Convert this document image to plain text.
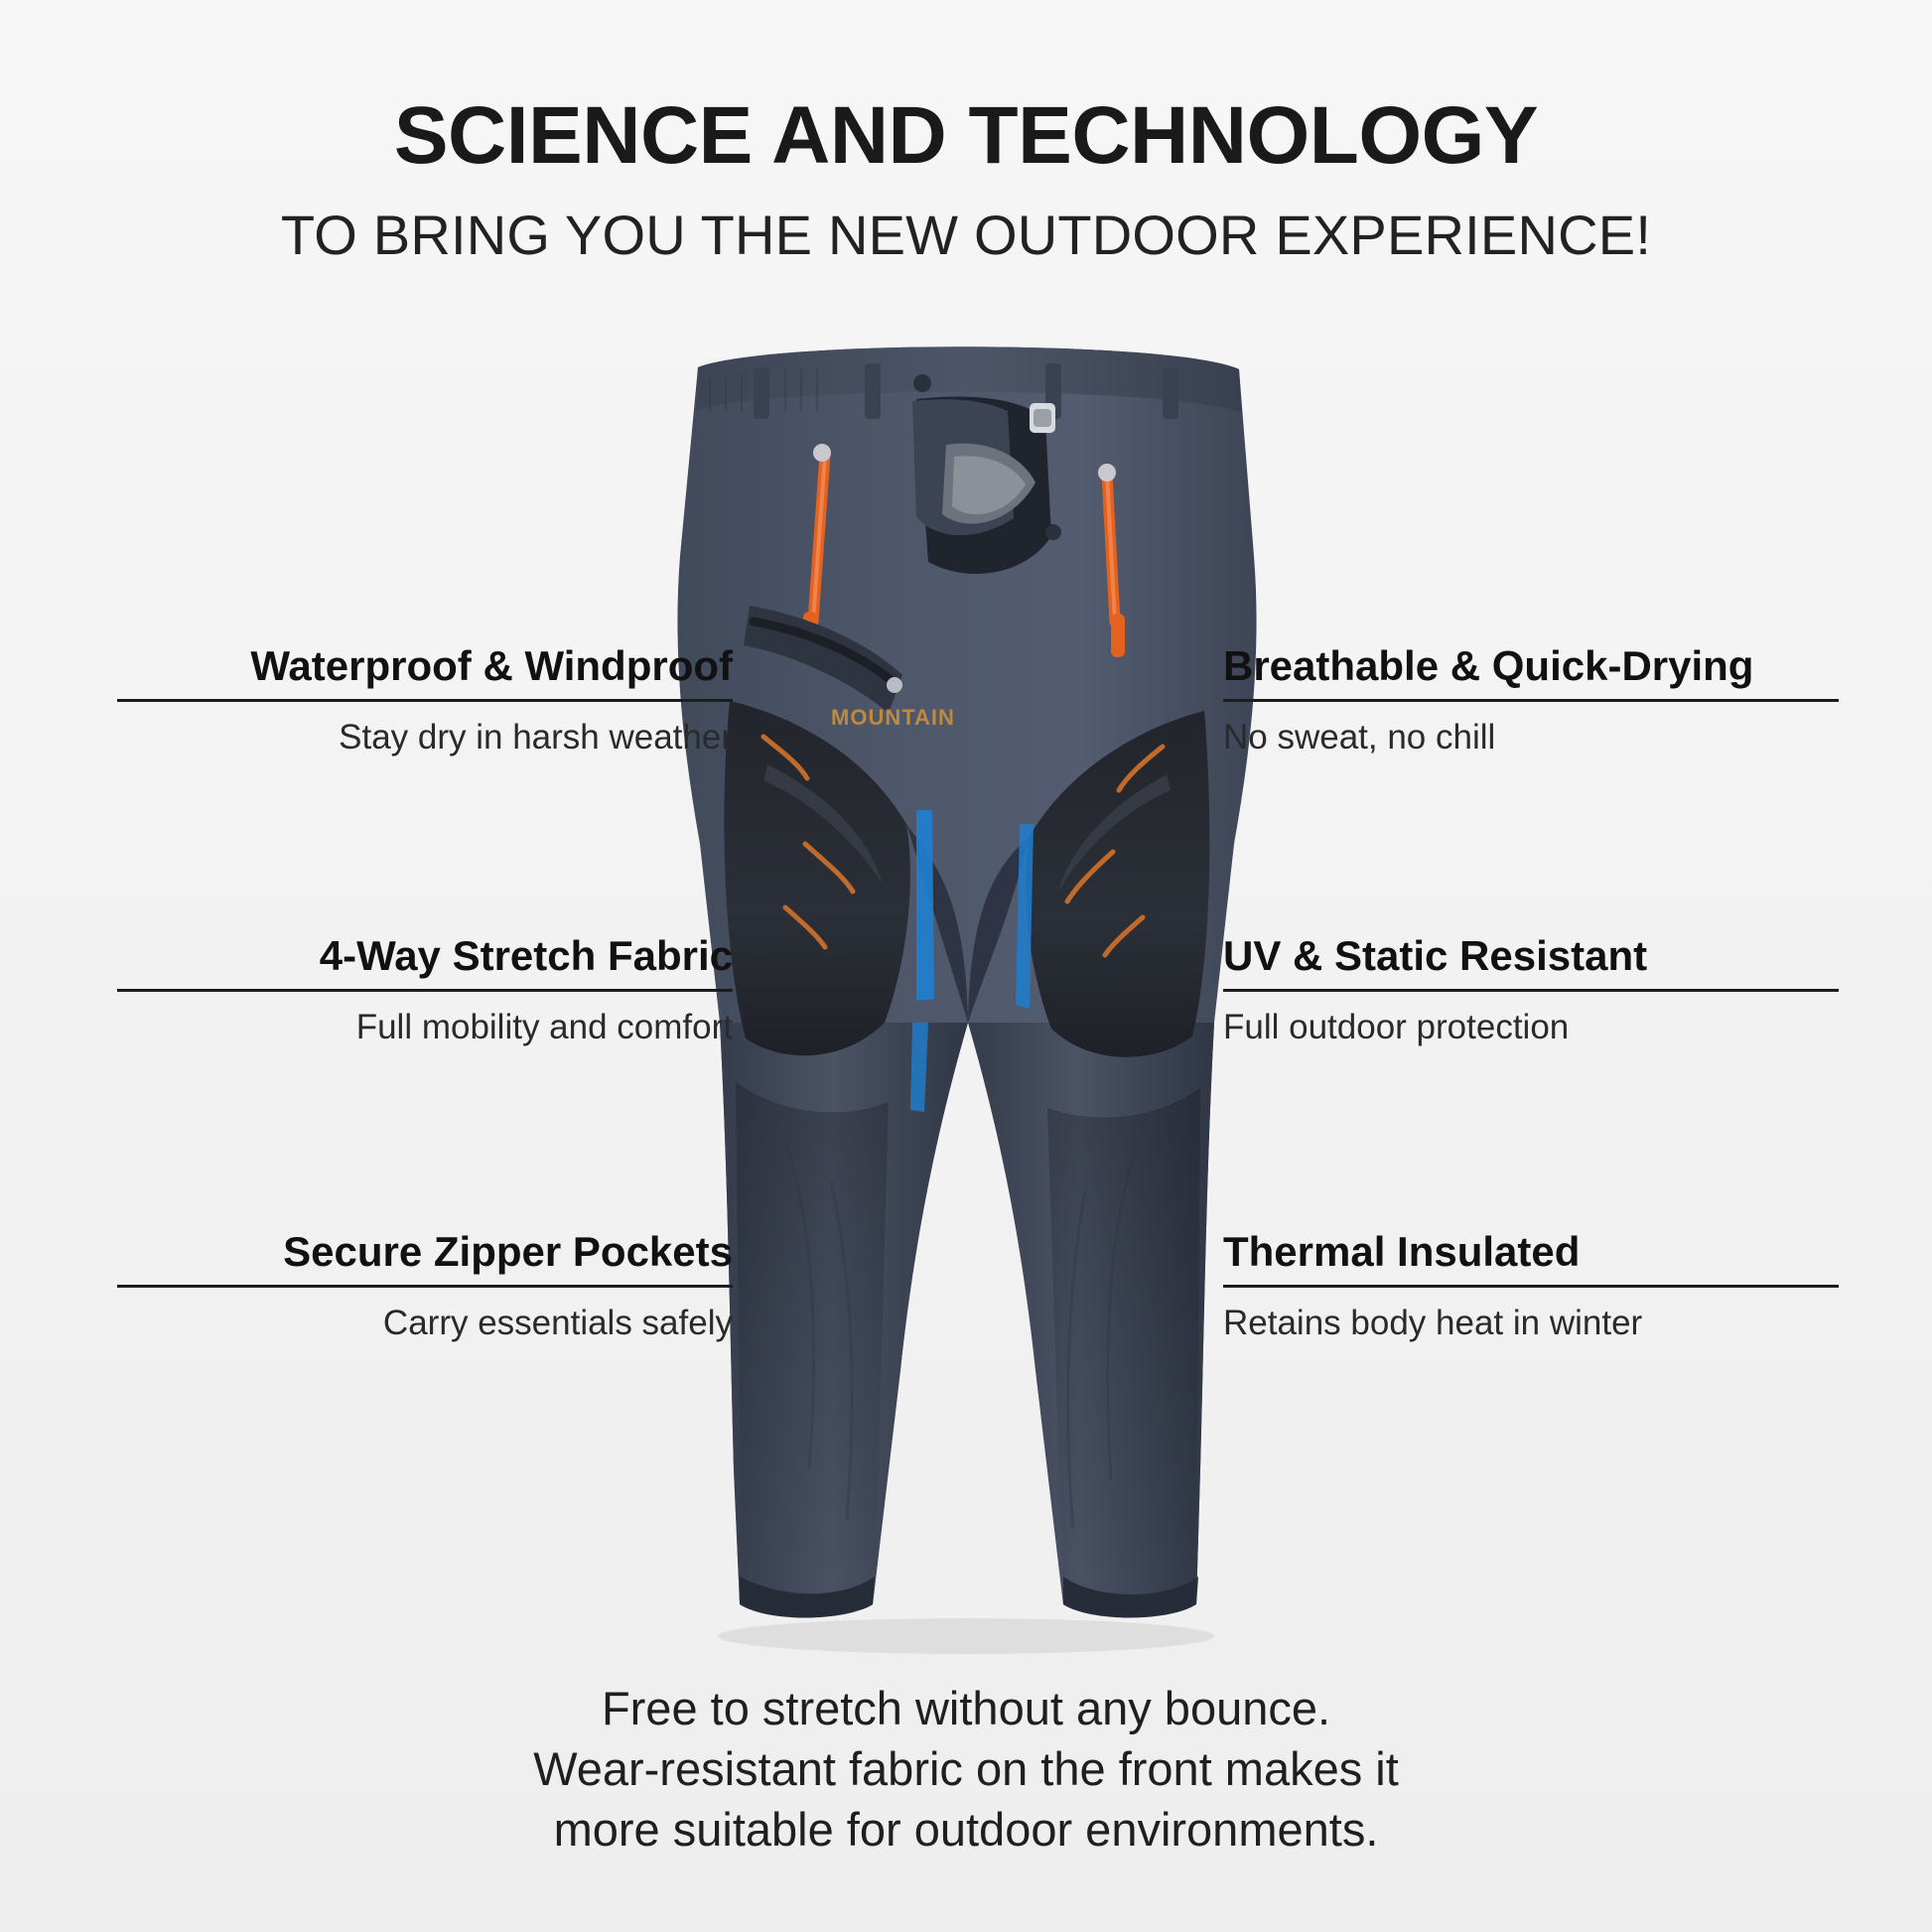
SCIENCE AND TECHNOLOGY

TO BRING YOU THE NEW OUTDOOR EXPERIENCE!

MOUNTAIN
Waterproof & Windproof
Stay dry in harsh weather
4-Way Stretch Fabric
Full mobility and comfort
Secure Zipper Pockets
Carry essentials safely
Breathable & Quick-Drying
No sweat, no chill
UV & Static Resistant
Full outdoor protection
Thermal Insulated
Retains body heat in winter
Free to stretch without any bounce.
Wear-resistant fabric on the front makes it
more suitable for outdoor environments.
